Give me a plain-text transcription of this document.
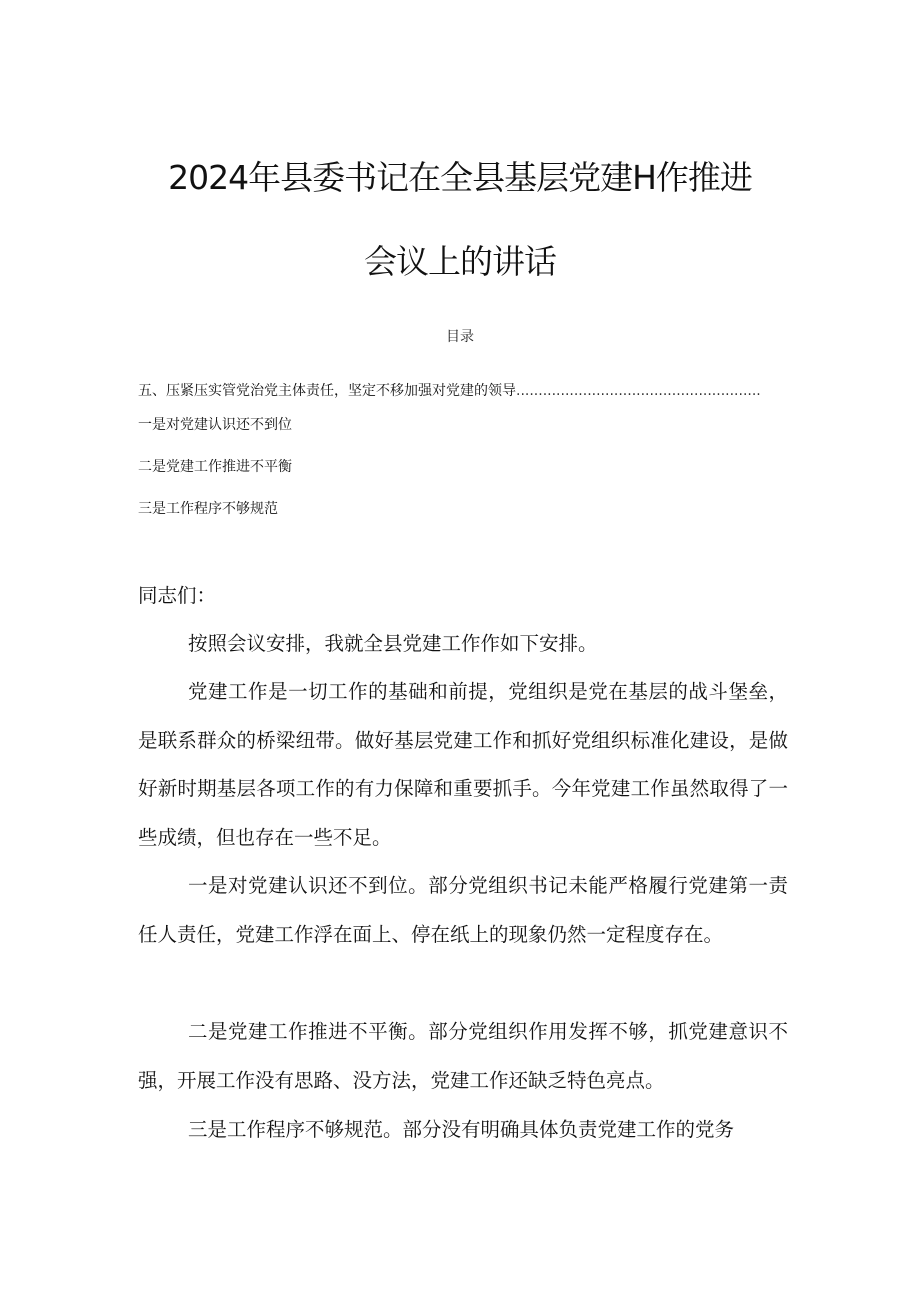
2024年县委书记在全县基层党建H作推进
会议上的讲话
目录
五、压紧压实管党治党主体责任，坚定不移加强对党建的领导.......................................................
一是对党建认识还不到位
二是党建工作推进不平衡
三是工作程序不够规范

同志们：

按照会议安排，我就全县党建工作作如下安排。

党建工作是一切工作的基础和前提，党组织是党在基层的战斗堡垒，是联系群众的桥梁纽带。做好基层党建工作和抓好党组织标准化建设，是做好新时期基层各项工作的有力保障和重要抓手。今年党建工作虽然取得了一些成绩，但也存在一些不足。

一是对党建认识还不到位。部分党组织书记未能严格履行党建第一责任人责任，党建工作浮在面上、停在纸上的现象仍然一定程度存在。

二是党建工作推进不平衡。部分党组织作用发挥不够，抓党建意识不强，开展工作没有思路、没方法，党建工作还缺乏特色亮点。

三是工作程序不够规范。部分没有明确具体负责党建工作的党务
